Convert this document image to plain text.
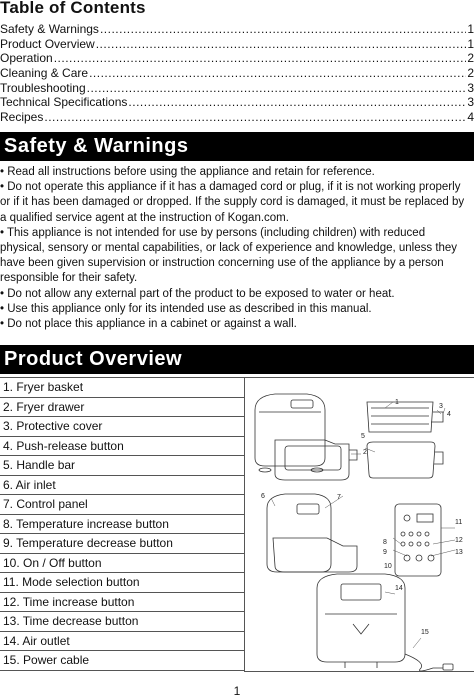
Table of Contents
Safety & Warnings .....	1
Product Overview .....	1
Operation .....	2
Cleaning & Care .....	2
Troubleshooting .....	3
Technical Specifications .....	3
Recipes .....	4
Safety & Warnings
• Read all instructions before using the appliance and retain for reference.
• Do not operate this appliance if it has a damaged cord or plug, if it is not working properly or if it has been damaged or dropped. If the supply cord is damaged, it must be replaced by a qualified service agent at the instruction of Kogan.com.
• This appliance is not intended for use by persons (including children) with reduced physical, sensory or mental capabilities, or lack of experience and knowledge, unless they have been given supervision or instruction concerning use of the appliance by a person responsible for their safety.
• Do not allow any external part of the product to be exposed to water or heat.
• Use this appliance only for its intended use as described in this manual.
• Do not place this appliance in a cabinet or against a wall.
Product Overview
1. Fryer basket
2. Fryer drawer
3. Protective cover
4. Push-release button
5. Handle bar
6. Air inlet
7. Control panel
8. Temperature increase button
9. Temperature decrease button
10. On / Off button
11. Mode selection button
12. Time increase button
13. Time decrease button
14. Air outlet
15. Power cable
1
2
3
4
5
6	7
8
9
10
11
12
13
14
15
1
